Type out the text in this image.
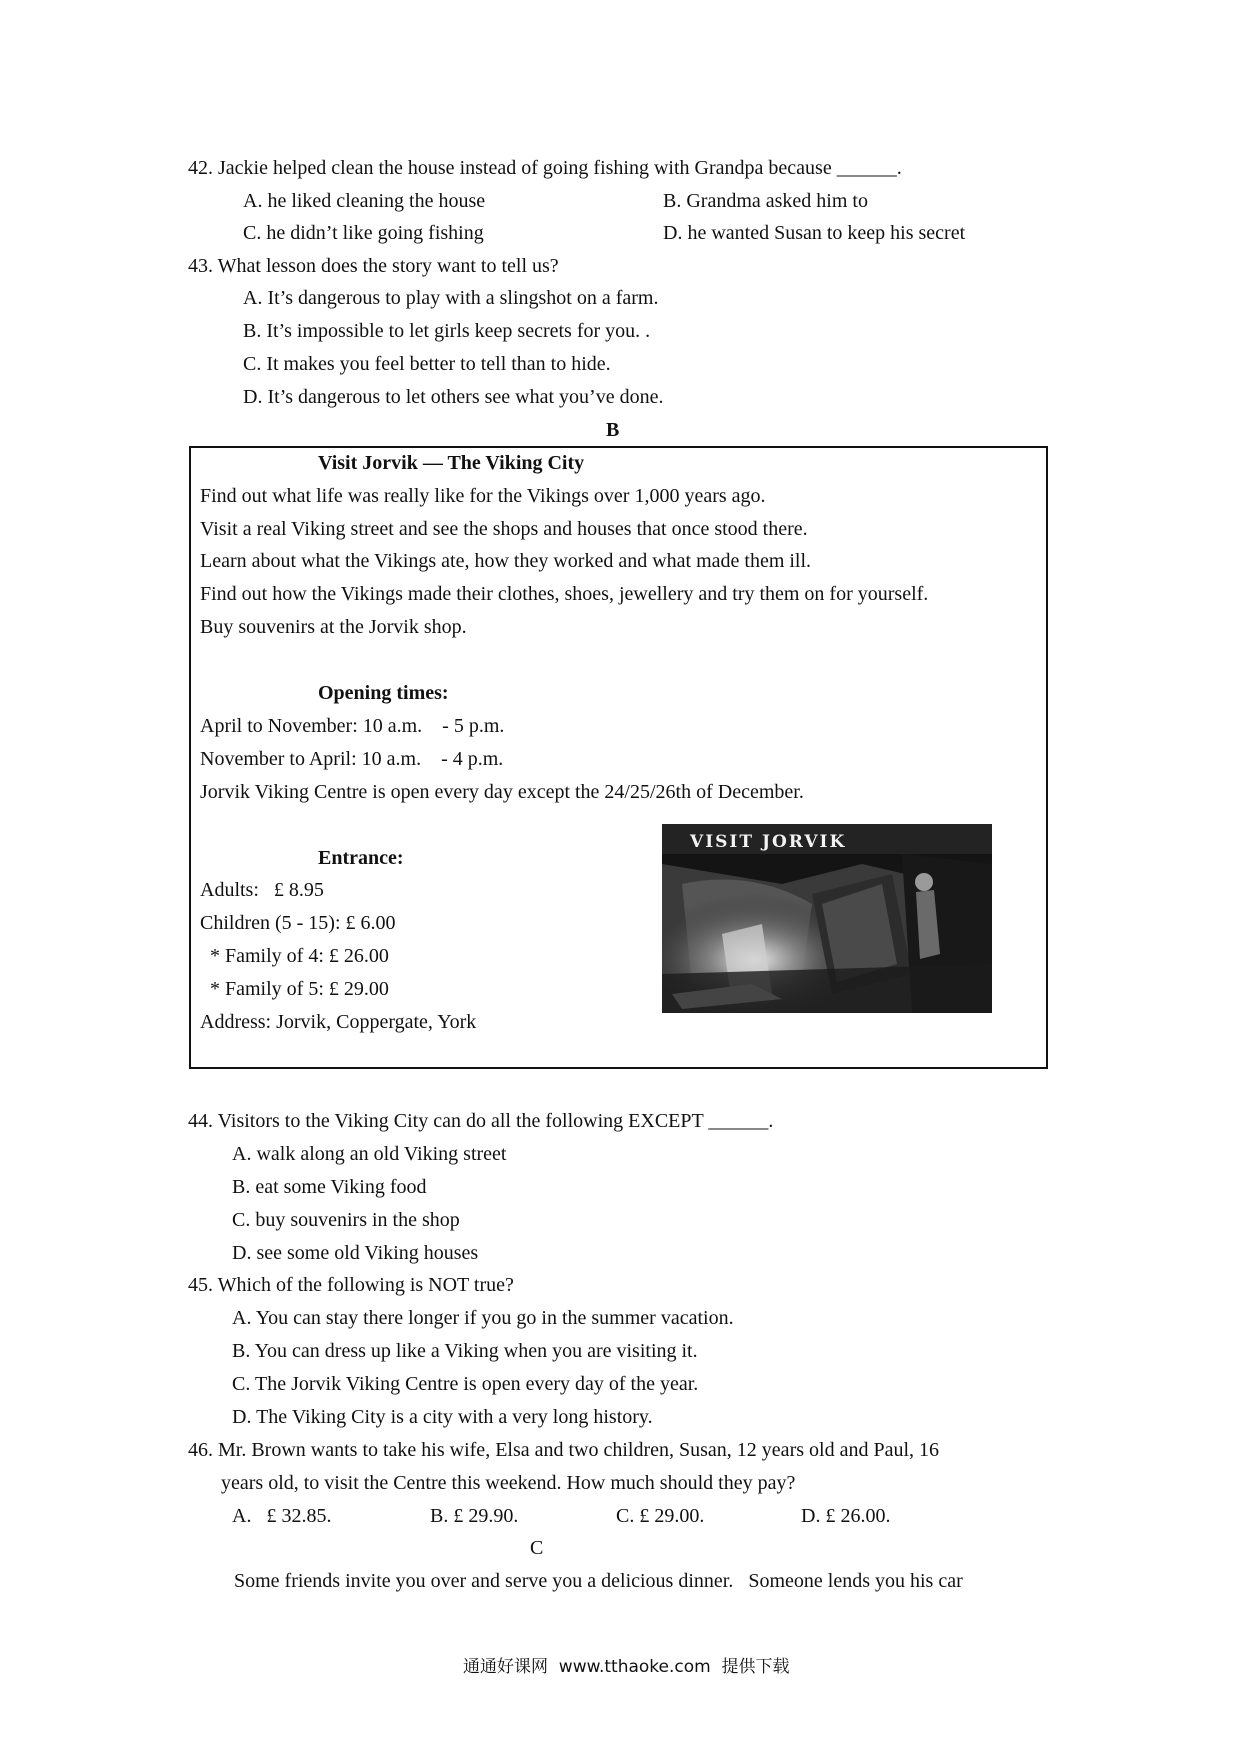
42. Jackie helped clean the house instead of going fishing with Grandpa because ______.
A. he liked cleaning the house	B. Grandma asked him to
C. he didn’t like going fishing	D. he wanted Susan to keep his secret
43. What lesson does the story want to tell us?
A. It’s dangerous to play with a slingshot on a farm.
B. It’s impossible to let girls keep secrets for you. .
C. It makes you feel better to tell than to hide.
D. It’s dangerous to let others see what you’ve done.
B
Visit Jorvik — The Viking City
Find out what life was really like for the Vikings over 1,000 years ago.
Visit a real Viking street and see the shops and houses that once stood there.
Learn about what the Vikings ate, how they worked and what made them ill.
Find out how the Vikings made their clothes, shoes, jewellery and try them on for yourself.
Buy souvenirs at the Jorvik shop.
Opening times:
April to November: 10 a.m.    - 5 p.m.
November to April: 10 a.m.    - 4 p.m.
Jorvik Viking Centre is open every day except the 24/25/26th of December.
Entrance:
Adults:   £ 8.95
Children (5 - 15): £ 6.00
* Family of 4: £ 26.00
* Family of 5: £ 29.00
Address: Jorvik, Coppergate, York
VISIT JORVIK
44. Visitors to the Viking City can do all the following EXCEPT ______.
A. walk along an old Viking street
B. eat some Viking food
C. buy souvenirs in the shop
D. see some old Viking houses
45. Which of the following is NOT true?
A. You can stay there longer if you go in the summer vacation.
B. You can dress up like a Viking when you are visiting it.
C. The Jorvik Viking Centre is open every day of the year.
D. The Viking City is a city with a very long history.
46. Mr. Brown wants to take his wife, Elsa and two children, Susan, 12 years old and Paul, 16
years old, to visit the Centre this weekend. How much should they pay?
A.   £ 32.85.	B. £ 29.90.	C. £ 29.00.	D. £ 26.00.
C
Some friends invite you over and serve you a delicious dinner.   Someone lends you his car
通通好课网  www.tthaoke.com  提供下载
